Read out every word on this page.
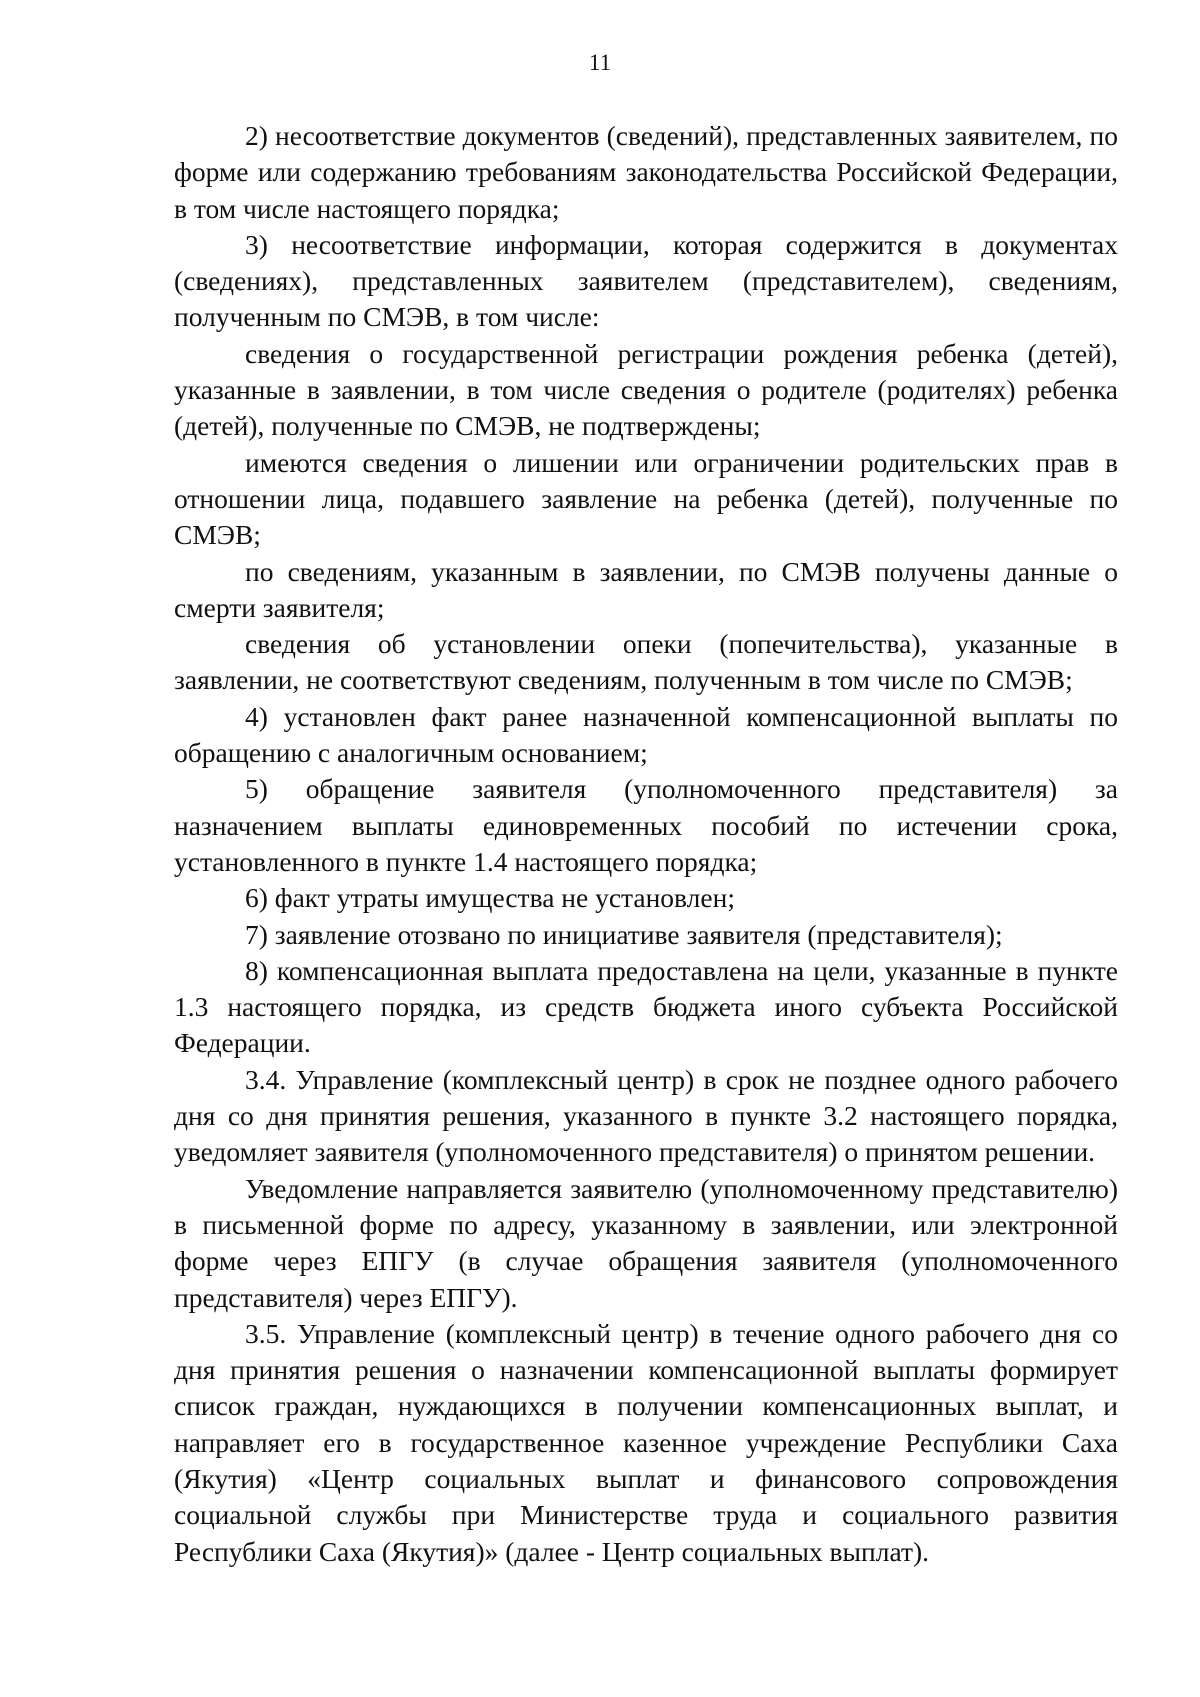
11

2) несоответствие документов (сведений), представленных заявителем, по форме или содержанию требованиям законодательства Российской Федерации, в том числе настоящего порядка;

3) несоответствие информации, которая содержится в документах (сведениях), представленных заявителем (представителем), сведениям, полученным по СМЭВ, в том числе:

сведения о государственной регистрации рождения ребенка (детей), указанные в заявлении, в том числе сведения о родителе (родителях) ребенка (детей), полученные по СМЭВ, не подтверждены;

имеются сведения о лишении или ограничении родительских прав в отношении лица, подавшего заявление на ребенка (детей), полученные по СМЭВ;

по сведениям, указанным в заявлении, по СМЭВ получены данные о смерти заявителя;

сведения об установлении опеки (попечительства), указанные в заявлении, не соответствуют сведениям, полученным в том числе по СМЭВ;

4) установлен факт ранее назначенной компенсационной выплаты по обращению с аналогичным основанием;

5) обращение заявителя (уполномоченного представителя) за назначением выплаты единовременных пособий по истечении срока, установленного в пункте 1.4 настоящего порядка;

6) факт утраты имущества не установлен;

7) заявление отозвано по инициативе заявителя (представителя);

8) компенсационная выплата предоставлена на цели, указанные в пункте 1.3 настоящего порядка, из средств бюджета иного субъекта Российской Федерации.

3.4. Управление (комплексный центр) в срок не позднее одного рабочего дня со дня принятия решения, указанного в пункте 3.2 настоящего порядка, уведомляет заявителя (уполномоченного представителя) о принятом решении.

Уведомление направляется заявителю (уполномоченному представителю) в письменной форме по адресу, указанному в заявлении, или электронной форме через ЕПГУ (в случае обращения заявителя (уполномоченного представителя) через ЕПГУ).

3.5. Управление (комплексный центр) в течение одного рабочего дня со дня принятия решения о назначении компенсационной выплаты формирует список граждан, нуждающихся в получении компенсационных выплат, и направляет его в государственное казенное учреждение Республики Саха (Якутия) «Центр социальных выплат и финансового сопровождения социальной службы при Министерстве труда и социального развития Республики Саха (Якутия)» (далее - Центр социальных выплат).
